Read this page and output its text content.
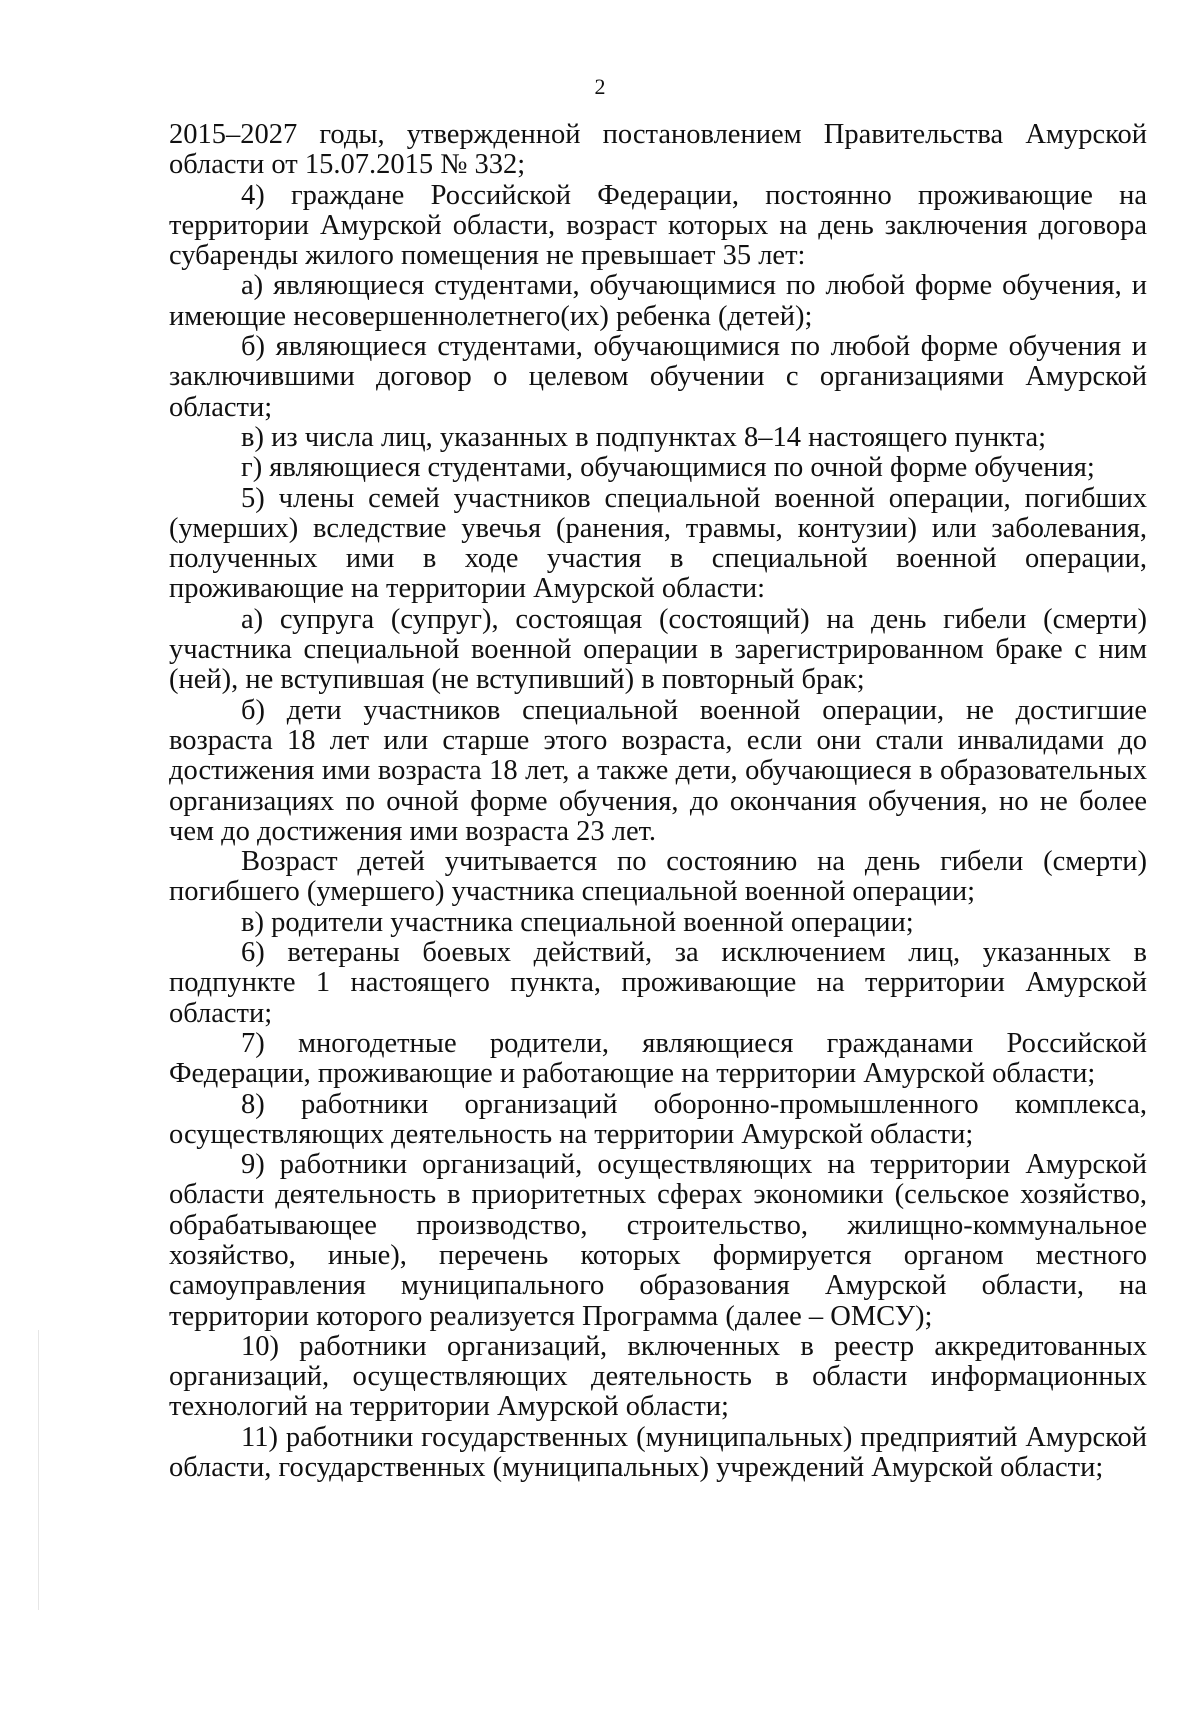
2

2015–2027 годы, утвержденной постановлением Правительства Амурской области от 15.07.2015 № 332;

4) граждане Российской Федерации, постоянно проживающие на территории Амурской области, возраст которых на день заключения договора субаренды жилого помещения не превышает 35 лет:

а) являющиеся студентами, обучающимися по любой форме обучения, и имеющие несовершеннолетнего(их) ребенка (детей);

б) являющиеся студентами, обучающимися по любой форме обучения и заключившими договор о целевом обучении с организациями Амурской области;

в) из числа лиц, указанных в подпунктах 8–14 настоящего пункта;

г) являющиеся студентами, обучающимися по очной форме обучения;

5) члены семей участников специальной военной операции, погибших (умерших) вследствие увечья (ранения, травмы, контузии) или заболевания, полученных ими в ходе участия в специальной военной операции, проживающие на территории Амурской области:

а) супруга (супруг), состоящая (состоящий) на день гибели (смерти) участника специальной военной операции в зарегистрированном браке с ним (ней), не вступившая (не вступивший) в повторный брак;

б) дети участников специальной военной операции, не достигшие возраста 18 лет или старше этого возраста, если они стали инвалидами до достижения ими возраста 18 лет, а также дети, обучающиеся в образовательных организациях по очной форме обучения, до окончания обучения, но не более чем до достижения ими возраста 23 лет.

Возраст детей учитывается по состоянию на день гибели (смерти) погибшего (умершего) участника специальной военной операции;

в) родители участника специальной военной операции;

6) ветераны боевых действий, за исключением лиц, указанных в подпункте 1 настоящего пункта, проживающие на территории Амурской области;

7) многодетные родители, являющиеся гражданами Российской Федерации, проживающие и работающие на территории Амурской области;

8) работники организаций оборонно-промышленного комплекса, осуществляющих деятельность на территории Амурской области;

9) работники организаций, осуществляющих на территории Амурской области деятельность в приоритетных сферах экономики (сельское хозяйство, обрабатывающее производство, строительство, жилищно-коммунальное хозяйство, иные), перечень которых формируется органом местного самоуправления муниципального образования Амурской области, на территории которого реализуется Программа (далее – ОМСУ);

10) работники организаций, включенных в реестр аккредитованных организаций, осуществляющих деятельность в области информационных технологий на территории Амурской области;

11) работники государственных (муниципальных) предприятий Амурской области, государственных (муниципальных) учреждений Амурской области;
